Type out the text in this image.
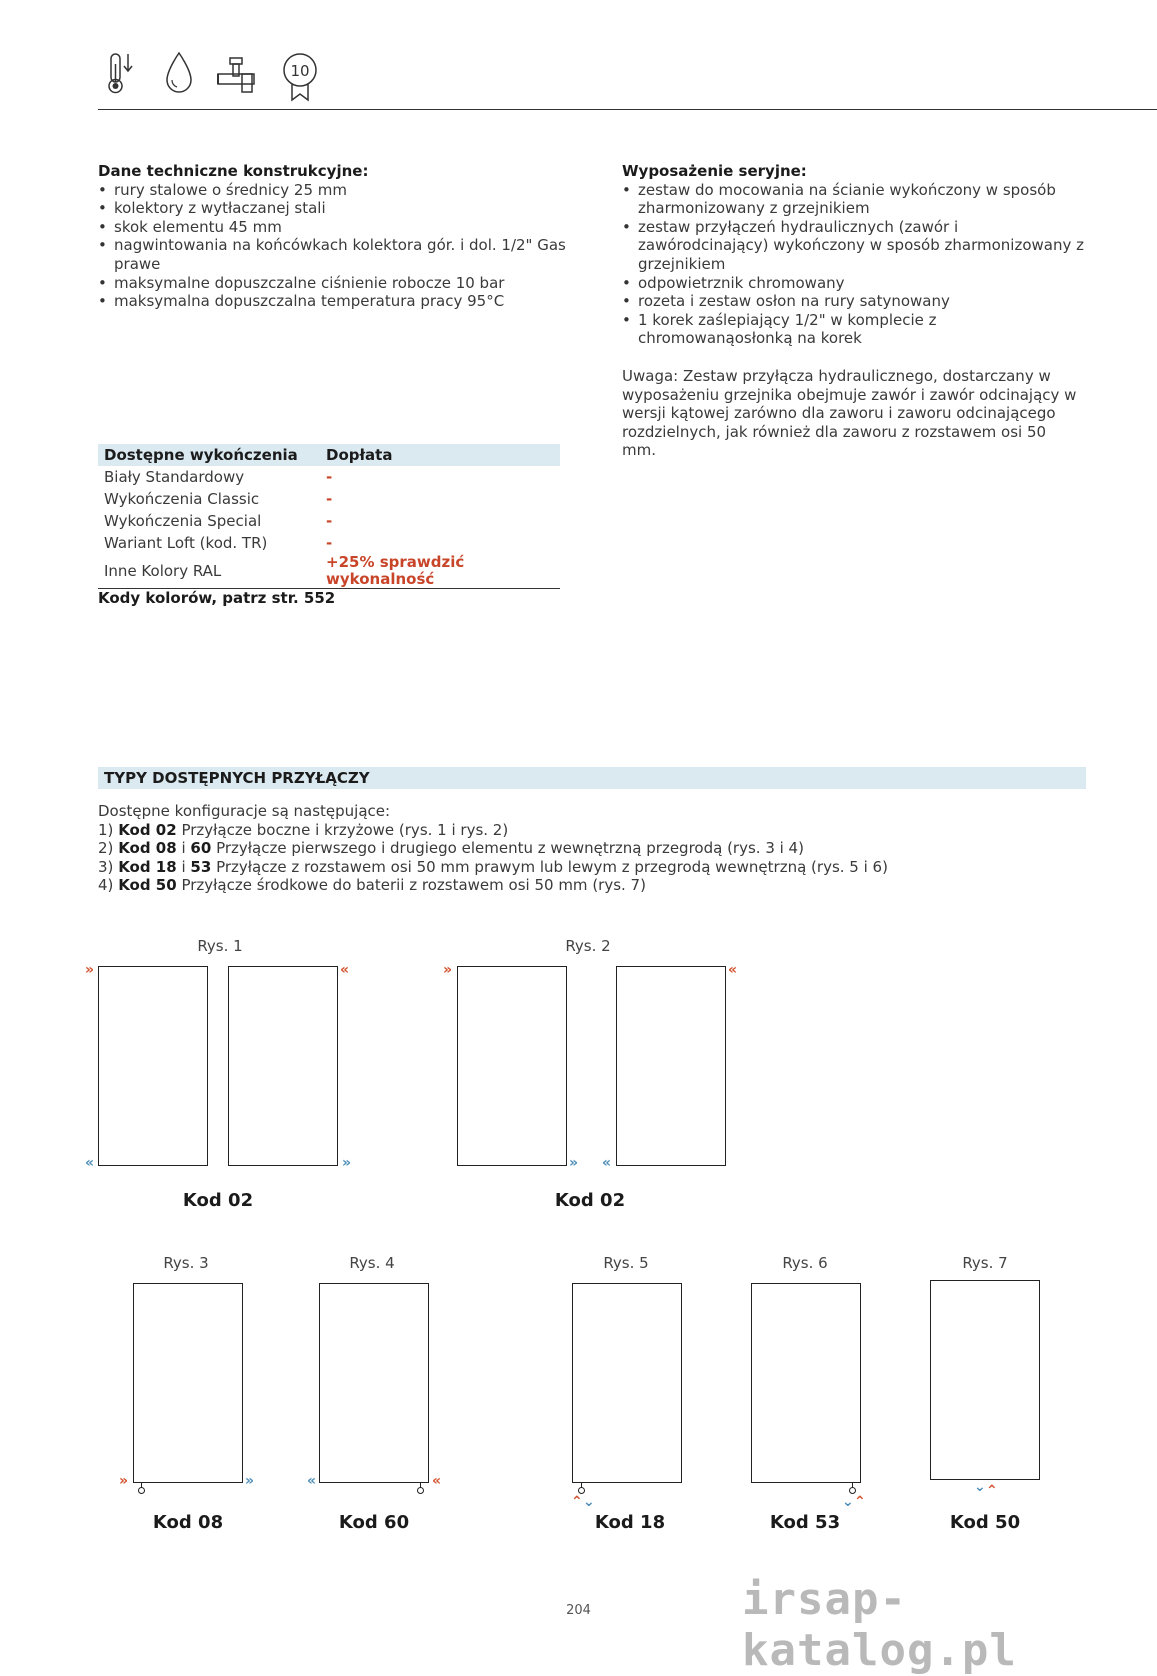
10
Dane techniczne konstrukcyjne:
• rury stalowe o średnicy 25 mm
• kolektory z wytłaczanej stali
• skok elementu 45 mm
• nagwintowania na końcówkach kolektora gór. i dol. 1/2" Gas prawe
• maksymalne dopuszczalne ciśnienie robocze 10 bar
• maksymalna dopuszczalna temperatura pracy 95°C
Wyposażenie seryjne:
• zestaw do mocowania na ścianie wykończony w sposób zharmonizowany z grzejnikiem
• zestaw przyłączeń hydraulicznych (zawór i zawórodcinający) wykończony w sposób zharmonizowany z grzejnikiem
• odpowietrznik chromowany
• rozeta i zestaw osłon na rury satynowany
• 1 korek zaślepiający 1/2" w komplecie z chromowanąosłonką na korek
Uwaga: Zestaw przyłącza hydraulicznego, dostarczany w wyposażeniu grzejnika obejmuje zawór i zawór odcinający w wersji kątowej zarówno dla zaworu i zaworu odcinającego rozdzielnych, jak również dla zaworu z rozstawem osi 50 mm.
Dostępne wykończenia	Dopłata
Biały Standardowy	-
Wykończenia Classic	-
Wykończenia Special	-
Wariant Loft (kod. TR)	-
Inne Kolory RAL	+25% sprawdzić wykonalność
Kody kolorów, patrz str. 552
TYPY DOSTĘPNYCH PRZYŁĄCZY
Dostępne konfiguracje są następujące:
1) Kod 02 Przyłącze boczne i krzyżowe (rys. 1 i rys. 2)
2) Kod 08 i 60 Przyłącze pierwszego i drugiego elementu z wewnętrzną przegrodą (rys. 3 i 4)
3) Kod 18 i 53 Przyłącze z rozstawem osi 50 mm prawym lub lewym z przegrodą wewnętrzną (rys. 5 i 6)
4) Kod 50 Przyłącze środkowe do baterii z rozstawem osi 50 mm (rys. 7)
Rys. 1
»
«
«
»
Kod 02
Rys. 2
»
»
«
«
Kod 02
Rys. 3
»	»
Kod 08
Rys. 4
«	«
Kod 60
Rys. 5
⌃ ⌄
Kod 18
Rys. 6
⌄ ⌃
Kod 53
Rys. 7
⌄ ⌃
Kod 50
204	irsap-katalog.pl
